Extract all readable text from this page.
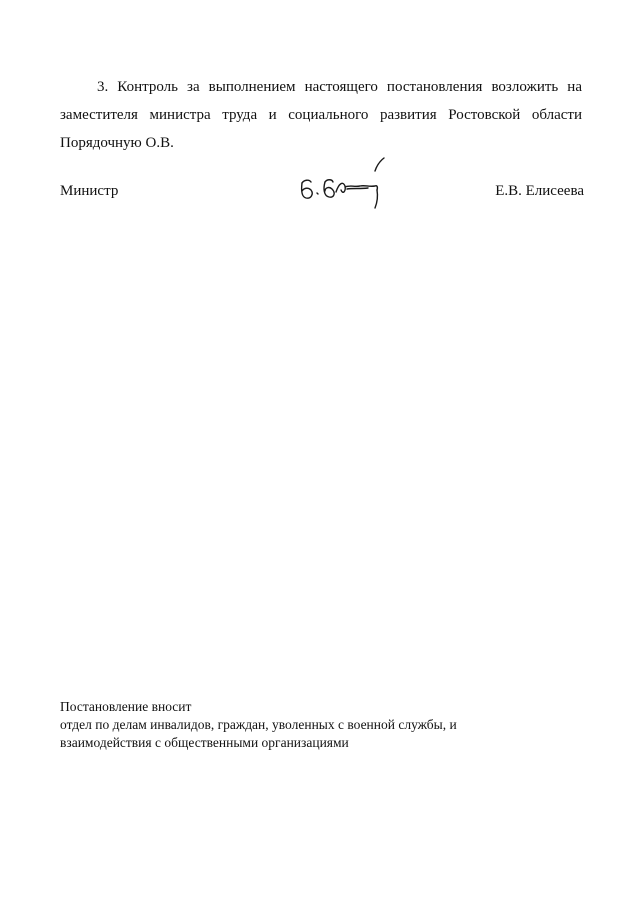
3. Контроль за выполнением настоящего постановления возложить на заместителя министра труда и социального развития Ростовской области Порядочную О.В.

Министр	Е.В. Елисеева
Постановление вносит
отдел по делам инвалидов, граждан, уволенных с военной службы, и
взаимодействия с общественными организациями
